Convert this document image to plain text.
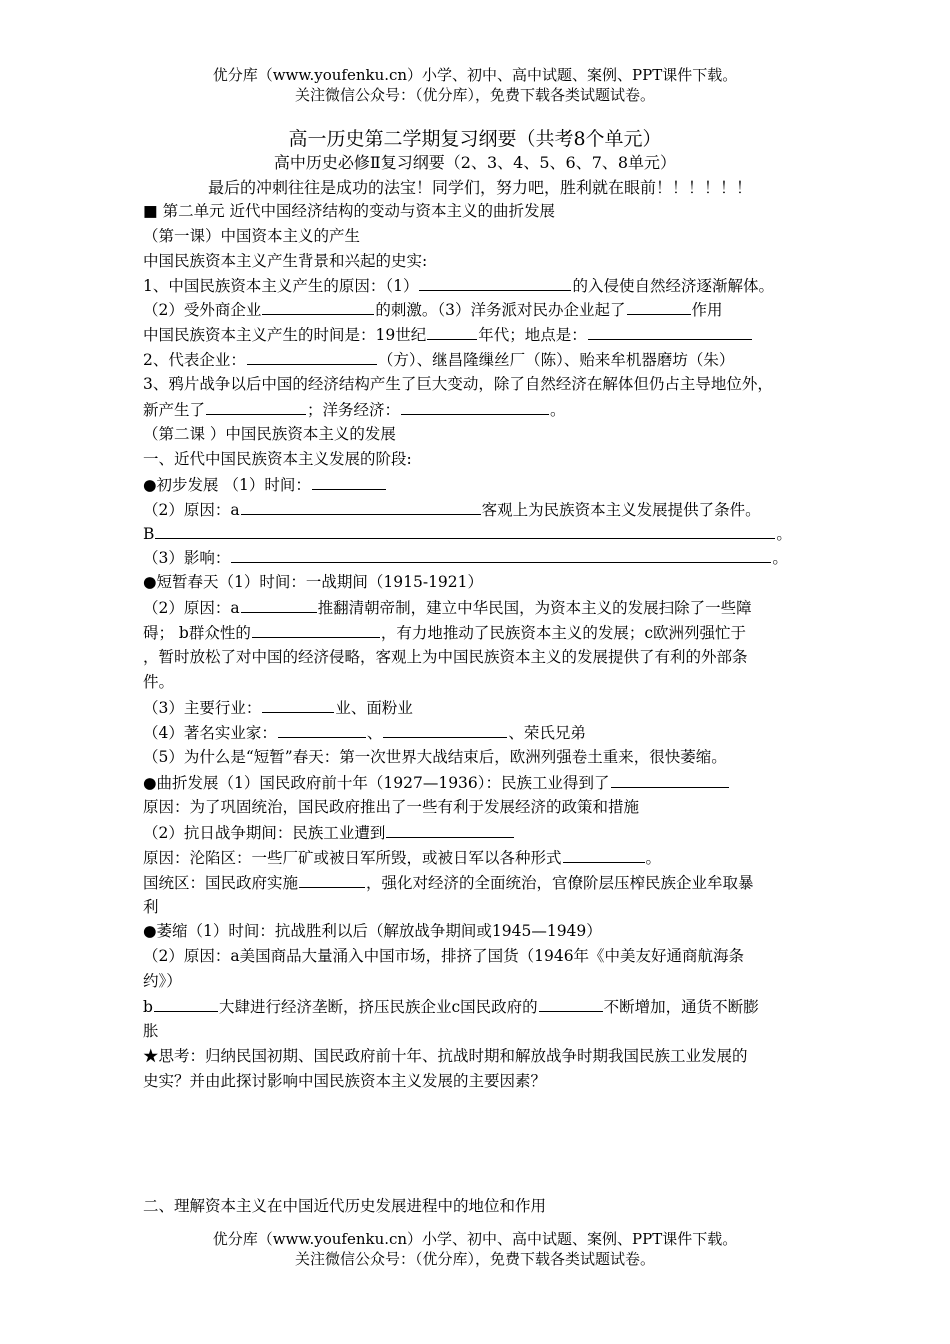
优分库（www.youfenku.cn）小学、初中、高中试题、案例、PPT课件下载。
关注微信公众号：（优分库），免费下载各类试题试卷。
高一历史第二学期复习纲要（共考8个单元）
高中历史必修Ⅱ复习纲要（2、3、4、5、6、7、8单元）
最后的冲刺往往是成功的法宝！同学们，努力吧，胜利就在眼前！！！！！！
■ 第二单元 近代中国经济结构的变动与资本主义的曲折发展
（第一课）中国资本主义的产生
中国民族资本主义产生背景和兴起的史实:
1、中国民族资本主义产生的原因：（1）	的入侵使自然经济逐渐解体。
（2）受外商企业	的刺激。（3）洋务派对民办企业起了	作用
中国民族资本主义产生的时间是：19世纪	年代；地点是：
2、代表企业：	（方）、继昌隆缫丝厂（陈）、贻来牟机器磨坊（朱）
3、鸦片战争以后中国的经济结构产生了巨大变动，除了自然经济在解体但仍占主导地位外，
新产生了	；洋务经济：	。
（第二课 ）中国民族资本主义的发展
一、近代中国民族资本主义发展的阶段:
●初步发展 （1）时间：
（2）原因：a	客观上为民族资本主义发展提供了条件。
B	。
（3）影响：	。
●短暂春天（1）时间：一战期间（1915-1921）
（2）原因：a	推翻清朝帝制，建立中华民国，为资本主义的发展扫除了一些障
碍； b群众性的	，有力地推动了民族资本主义的发展；c欧洲列强忙于
，暂时放松了对中国的经济侵略，客观上为中国民族资本主义的发展提供了有利的外部条
件。
（3）主要行业：	业、面粉业
（4）著名实业家：	、	、荣氏兄弟
（5）为什么是“短暂”春天：第一次世界大战结束后，欧洲列强卷土重来，很快萎缩。
●曲折发展（1）国民政府前十年（1927—1936）：民族工业得到了
原因：为了巩固统治，国民政府推出了一些有利于发展经济的政策和措施
（2）抗日战争期间：民族工业遭到
原因：沦陷区：一些厂矿或被日军所毁，或被日军以各种形式	。
国统区：国民政府实施	，强化对经济的全面统治，官僚阶层压榨民族企业牟取暴
利
●萎缩（1）时间：抗战胜利以后（解放战争期间或1945—1949）
（2）原因：a美国商品大量涌入中国市场，排挤了国货（1946年《中美友好通商航海条
约》）
b	大肆进行经济垄断，挤压民族企业c国民政府的	不断增加，通货不断膨
胀
★思考：归纳民国初期、国民政府前十年、抗战时期和解放战争时期我国民族工业发展的
史实？并由此探讨影响中国民族资本主义发展的主要因素？
二、理解资本主义在中国近代历史发展进程中的地位和作用
优分库（www.youfenku.cn）小学、初中、高中试题、案例、PPT课件下载。
关注微信公众号：（优分库），免费下载各类试题试卷。
